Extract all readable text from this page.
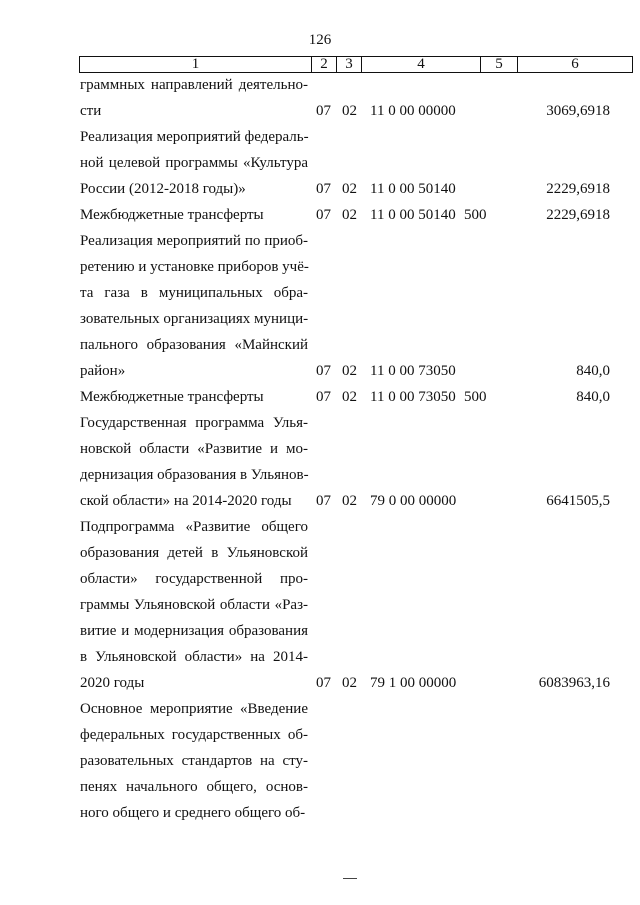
126
1	2	3	4	5	6
граммных направлений деятельно-
сти	07 02 11 0 00 00000	3069,6918
Реализация мероприятий федераль-
ной целевой программы «Культура
России (2012-2018 годы)»	07 02 11 0 00 50140	2229,6918
Межбюджетные трансферты	07 02 11 0 00 50140 500	2229,6918
Реализация мероприятий по приоб-
ретению и установке приборов учё-
та газа в муниципальных обра-
зовательных организациях муници-
пального образования «Майнский
район»	07 02 11 0 00 73050	840,0
Межбюджетные трансферты	07 02 11 0 00 73050 500	840,0
Государственная программа Улья-
новской области «Развитие и мо-
дернизация образования в Ульянов-
ской области» на 2014-2020 годы	07 02 79 0 00 00000	6641505,5
Подпрограмма «Развитие общего
образования детей в Ульяновской
области» государственной про-
граммы Ульяновской области «Раз-
витие и модернизация образования
в Ульяновской области» на 2014-
2020 годы	07 02 79 1 00 00000	6083963,16
Основное мероприятие «Введение
федеральных государственных об-
разовательных стандартов на сту-
пенях начального общего, основ-
ного общего и среднего общего об-
